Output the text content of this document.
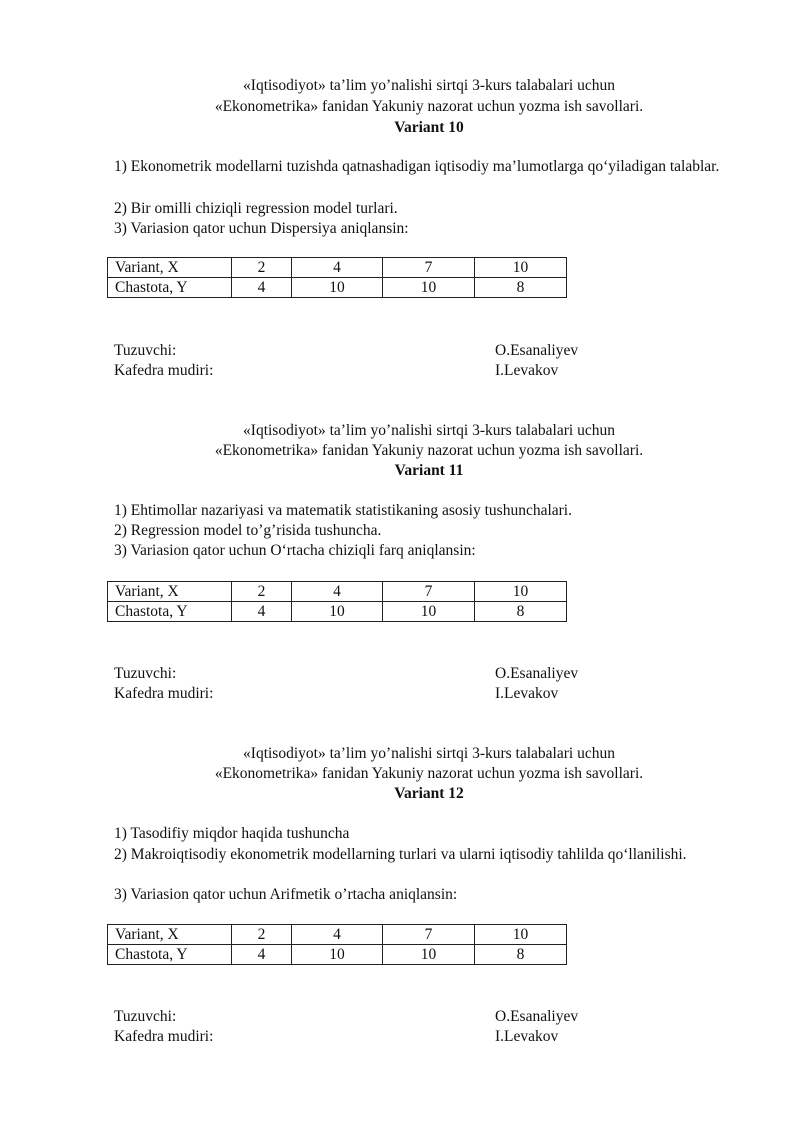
«Iqtisodiyot» ta’lim yo’nalishi sirtqi 3-kurs talabalari uchun
«Ekonometrika» fanidan Yakuniy nazorat uchun yozma ish savollari.
Variant 10
1) Ekonometrik modellarni tuzishda qatnashadigan iqtisodiy ma’lumotlarga qo‘yiladigan talablar.
2) Bir omilli chiziqli regression model turlari.
3) Variasion qator uchun Dispersiya aniqlansin:
Variant, X	2	4	7	10
Chastota, Y	4	10	10	8
Tuzuvchi:	O.Esanaliyev
Kafedra mudiri:	I.Levakov
«Iqtisodiyot» ta’lim yo’nalishi sirtqi 3-kurs talabalari uchun
«Ekonometrika» fanidan Yakuniy nazorat uchun yozma ish savollari.
Variant 11
1) Ehtimollar nazariyasi va matematik statistikaning asosiy tushunchalari.
2) Regression model to’g’risida tushuncha.
3) Variasion qator uchun O‘rtacha chiziqli farq aniqlansin:
Variant, X	2	4	7	10
Chastota, Y	4	10	10	8
Tuzuvchi:	O.Esanaliyev
Kafedra mudiri:	I.Levakov
«Iqtisodiyot» ta’lim yo’nalishi sirtqi 3-kurs talabalari uchun
«Ekonometrika» fanidan Yakuniy nazorat uchun yozma ish savollari.
Variant 12
1) Tasodifiy miqdor haqida tushuncha
2) Makroiqtisodiy ekonometrik modellarning turlari va ularni iqtisodiy tahlilda qo‘llanilishi.
3) Variasion qator uchun Arifmetik o’rtacha aniqlansin:
Variant, X	2	4	7	10
Chastota, Y	4	10	10	8
Tuzuvchi:	O.Esanaliyev
Kafedra mudiri:	I.Levakov
